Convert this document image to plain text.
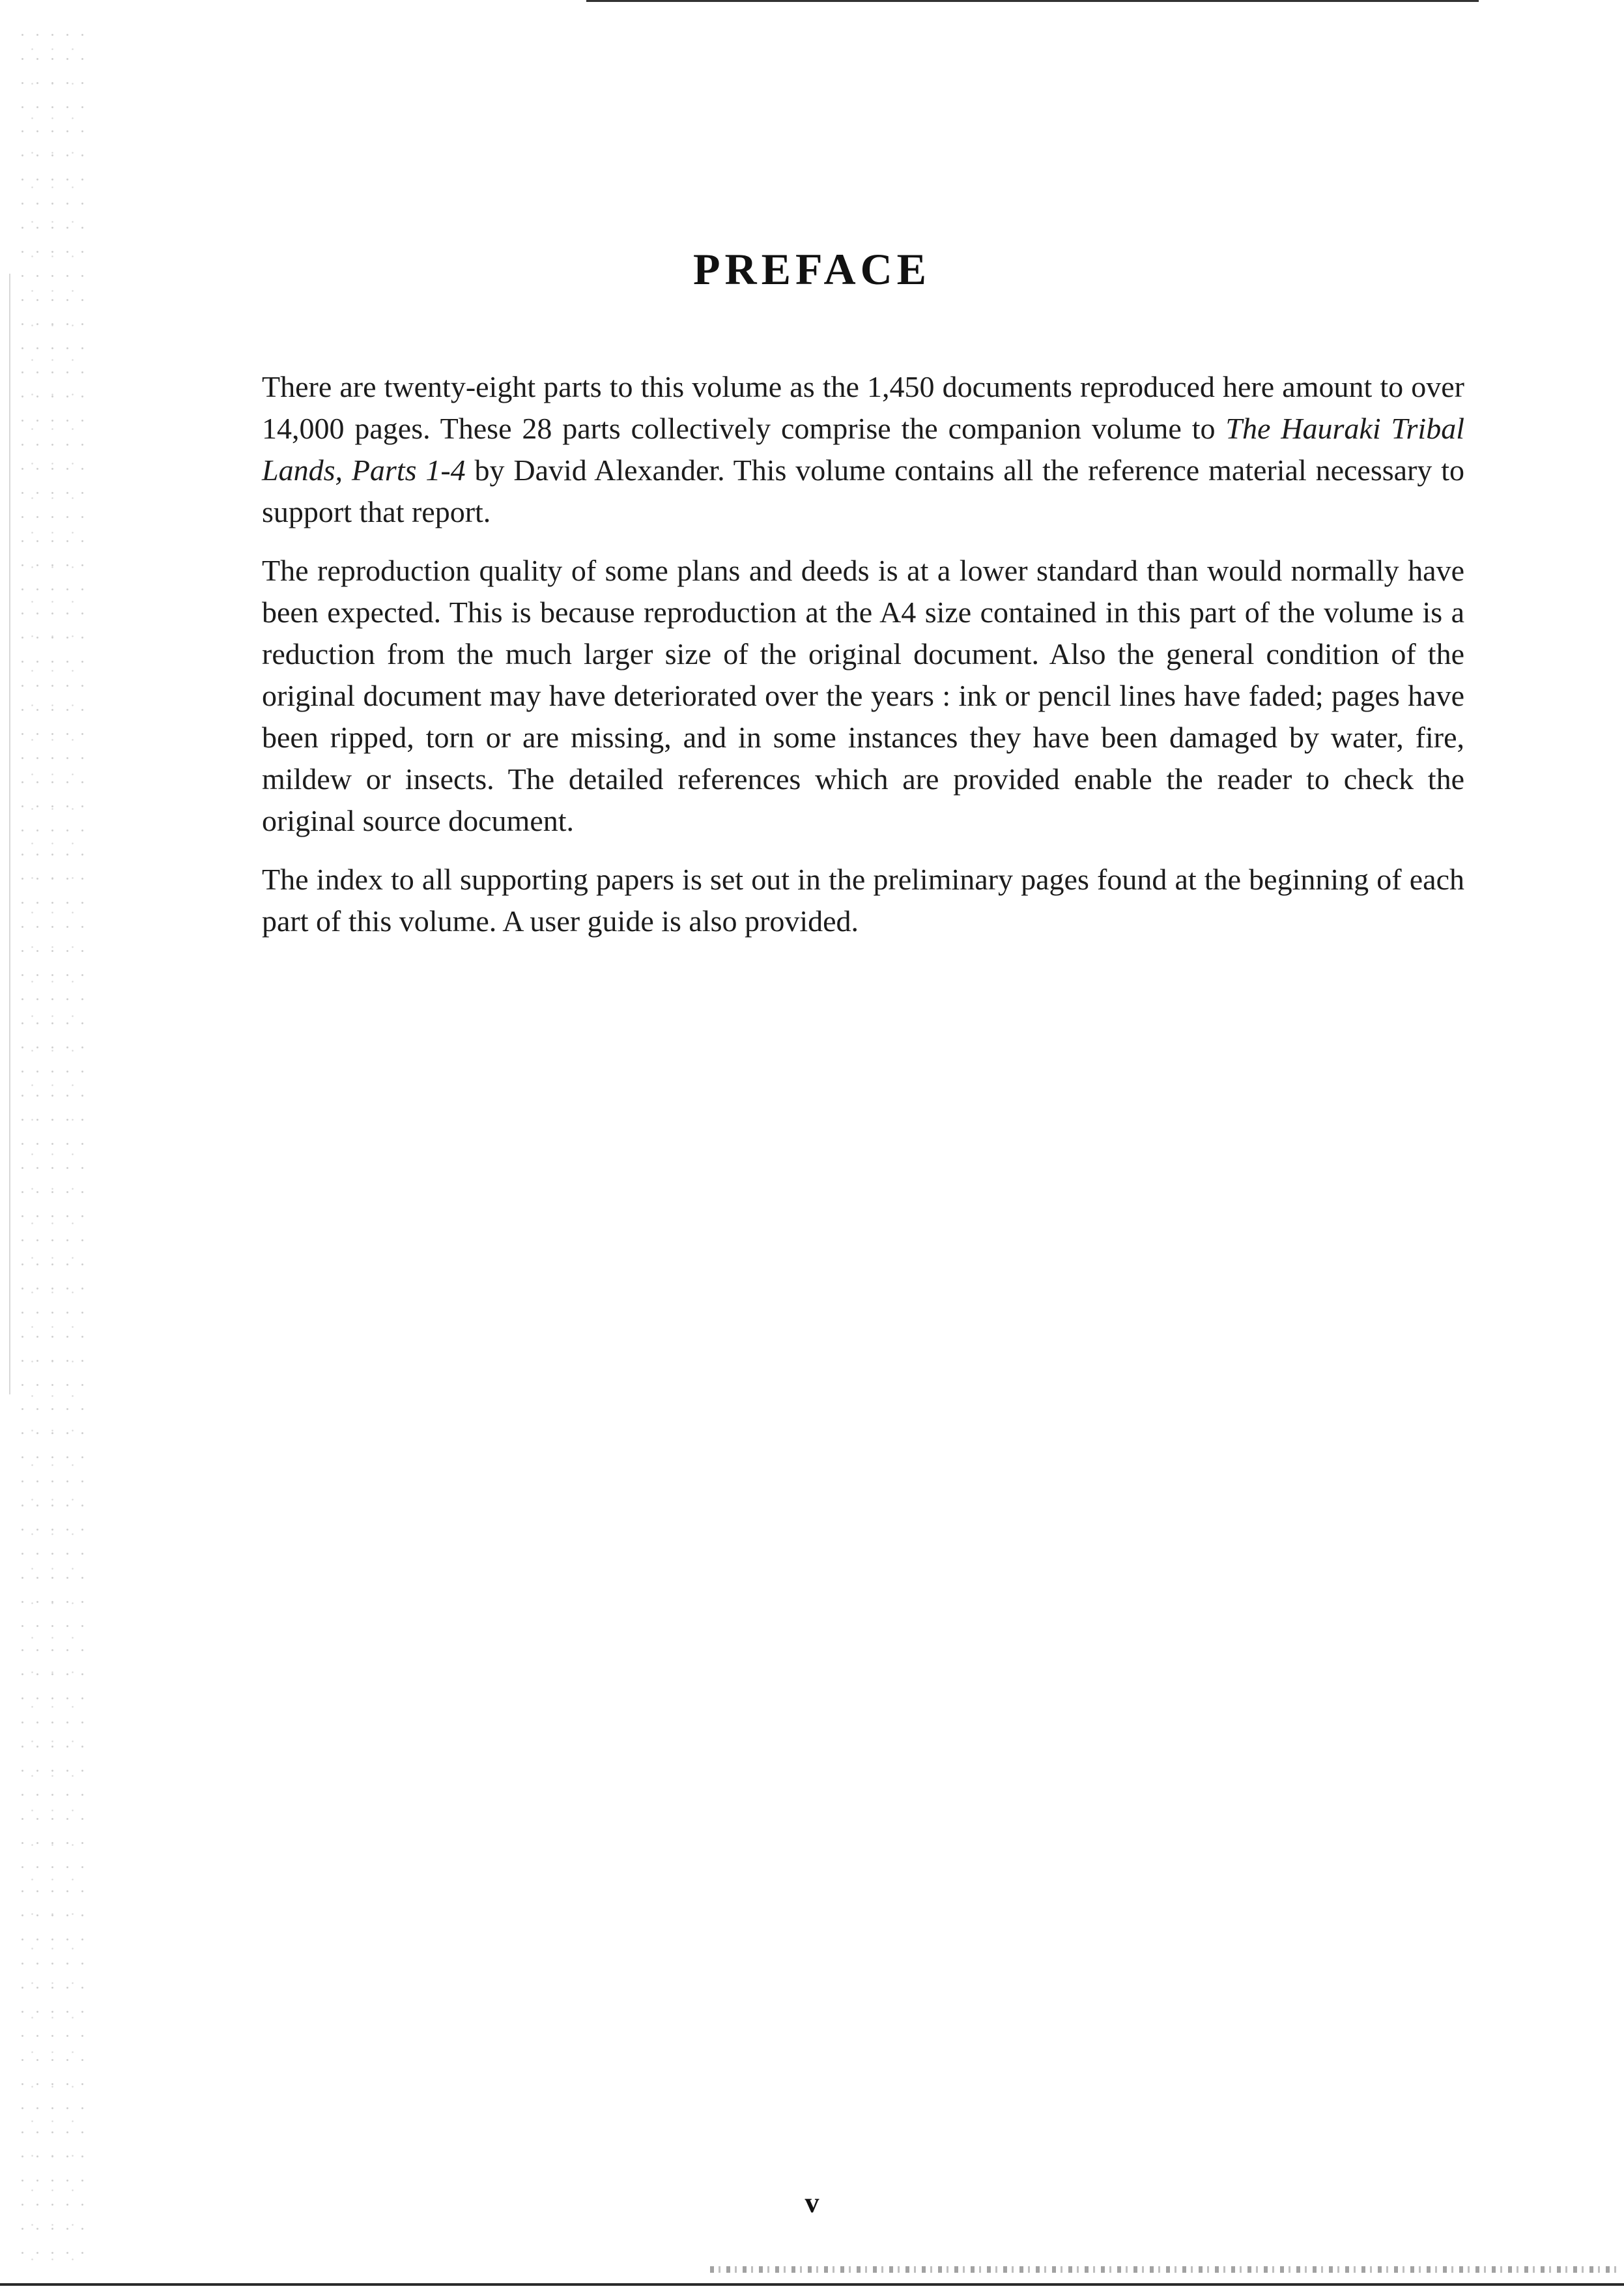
PREFACE

There are twenty-eight parts to this volume as the 1,450 documents reproduced here amount to over 14,000 pages. These 28 parts collectively comprise the companion volume to The Hauraki Tribal Lands, Parts 1-4 by David Alexander. This volume contains all the reference material necessary to support that report.

The reproduction quality of some plans and deeds is at a lower standard than would normally have been expected. This is because reproduction at the A4 size contained in this part of the volume is a reduction from the much larger size of the original document. Also the general condition of the original document may have deteriorated over the years : ink or pencil lines have faded; pages have been ripped, torn or are missing, and in some instances they have been damaged by water, fire, mildew or insects. The detailed references which are provided enable the reader to check the original source document.

The index to all supporting papers is set out in the preliminary pages found at the beginning of each part of this volume. A user guide is also provided.

v
